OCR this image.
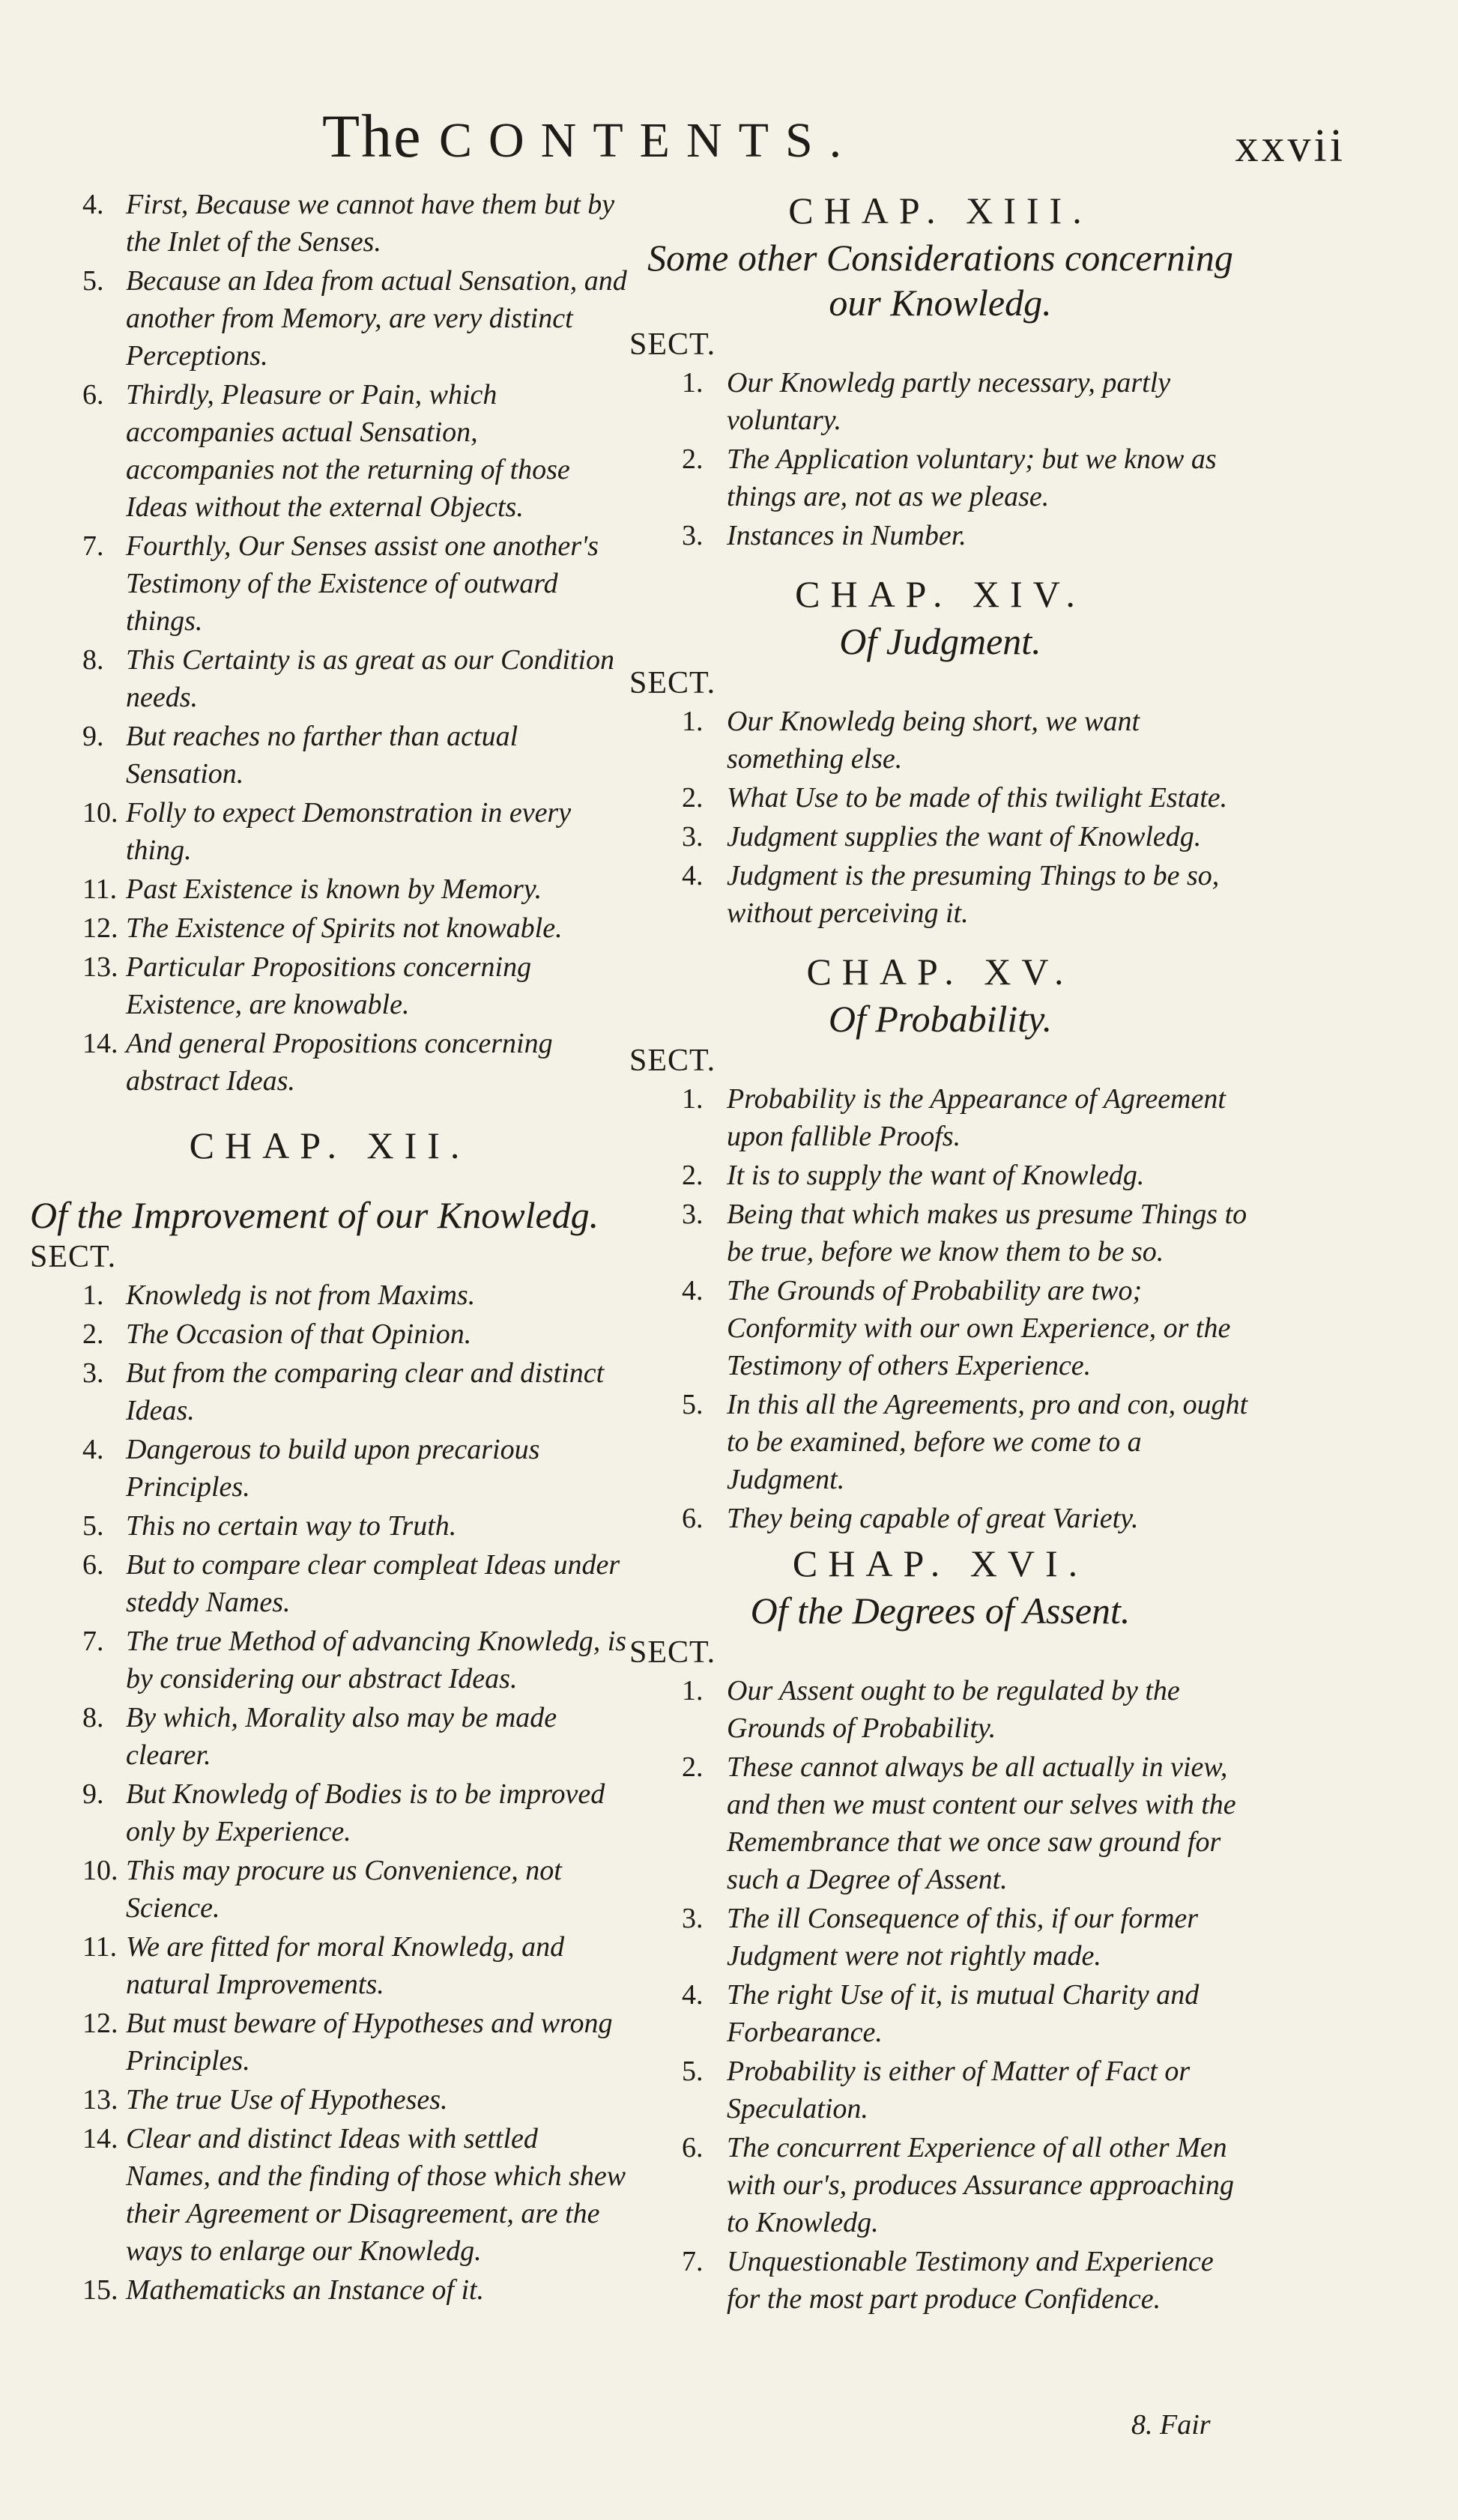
The CONTENTS.	xxvii
4. First, Because we cannot have them but by the Inlet of the Senses.
5. Because an Idea from actual Sensation, and another from Memory, are very distinct Perceptions.
6. Thirdly, Pleasure or Pain, which accompanies actual Sensation, accompanies not the returning of those Ideas without the external Objects.
7. Fourthly, Our Senses assist one another's Testimony of the Existence of outward things.
8. This Certainty is as great as our Condition needs.
9. But reaches no farther than actual Sensation.
10. Folly to expect Demonstration in every thing.
11. Past Existence is known by Memory.
12. The Existence of Spirits not knowable.
13. Particular Propositions concerning Existence, are knowable.
14. And general Propositions concerning abstract Ideas.
CHAP. XII.
Of the Improvement of our Knowledg.
SECT.
1. Knowledg is not from Maxims.
2. The Occasion of that Opinion.
3. But from the comparing clear and distinct Ideas.
4. Dangerous to build upon precarious Principles.
5. This no certain way to Truth.
6. But to compare clear compleat Ideas under steddy Names.
7. The true Method of advancing Knowledg, is by considering our abstract Ideas.
8. By which, Morality also may be made clearer.
9. But Knowledg of Bodies is to be improved only by Experience.
10. This may procure us Convenience, not Science.
11. We are fitted for moral Knowledg, and natural Improvements.
12. But must beware of Hypotheses and wrong Principles.
13. The true Use of Hypotheses.
14. Clear and distinct Ideas with settled Names, and the finding of those which shew their Agreement or Disagreement, are the ways to enlarge our Knowledg.
15. Mathematicks an Instance of it.
CHAP. XIII.
Some other Considerations concerning our Knowledg.
SECT.
1. Our Knowledg partly necessary, partly voluntary.
2. The Application voluntary; but we know as things are, not as we please.
3. Instances in Number.
CHAP. XIV.
Of Judgment.
SECT.
1. Our Knowledg being short, we want something else.
2. What Use to be made of this twilight Estate.
3. Judgment supplies the want of Knowledg.
4. Judgment is the presuming Things to be so, without perceiving it.
CHAP. XV.
Of Probability.
SECT.
1. Probability is the Appearance of Agreement upon fallible Proofs.
2. It is to supply the want of Knowledg.
3. Being that which makes us presume Things to be true, before we know them to be so.
4. The Grounds of Probability are two; Conformity with our own Experience, or the Testimony of others Experience.
5. In this all the Agreements, pro and con, ought to be examined, before we come to a Judgment.
6. They being capable of great Variety.
CHAP. XVI.
Of the Degrees of Assent.
SECT.
1. Our Assent ought to be regulated by the Grounds of Probability.
2. These cannot always be all actually in view, and then we must content our selves with the Remembrance that we once saw ground for such a Degree of Assent.
3. The ill Consequence of this, if our former Judgment were not rightly made.
4. The right Use of it, is mutual Charity and Forbearance.
5. Probability is either of Matter of Fact or Speculation.
6. The concurrent Experience of all other Men with our's, produces Assurance approaching to Knowledg.
7. Unquestionable Testimony and Experience for the most part produce Confidence.
8. Fair
